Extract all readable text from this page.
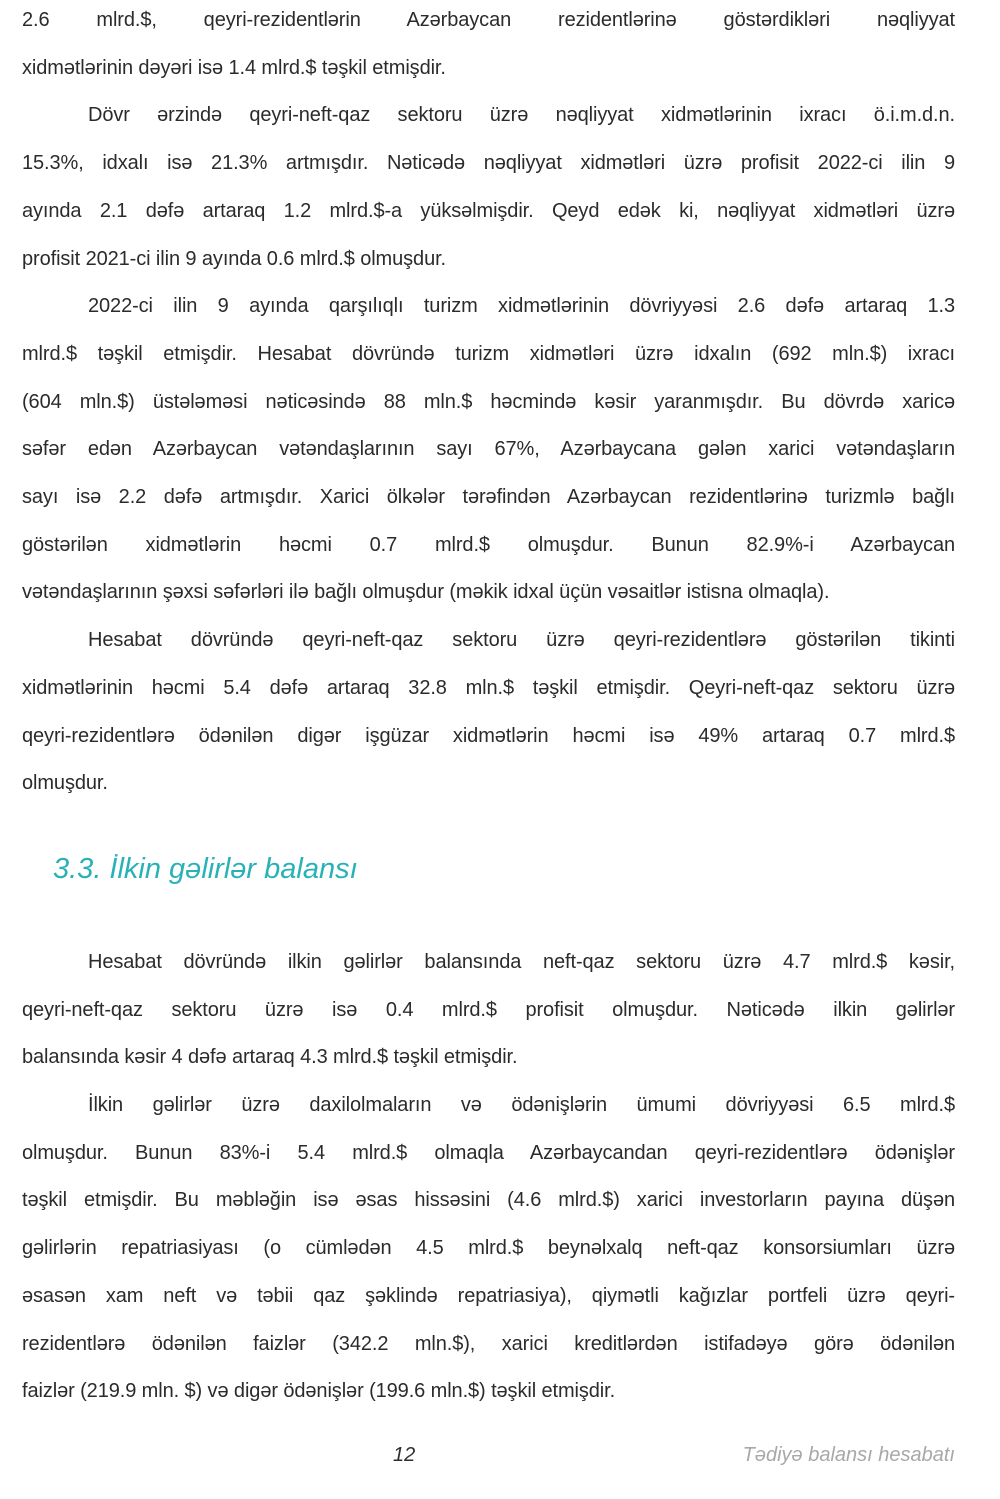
2.6 mlrd.$, qeyri-rezidentlərin Azərbaycan rezidentlərinə göstərdikləri nəqliyyat
xidmətlərinin dəyəri isə 1.4 mlrd.$ təşkil etmişdir.
Dövr ərzində qeyri-neft-qaz sektoru üzrə nəqliyyat xidmətlərinin ixracı ö.i.m.d.n.
15.3%, idxalı isə 21.3% artmışdır. Nəticədə nəqliyyat xidmətləri üzrə profisit 2022-ci ilin 9
ayında 2.1 dəfə artaraq 1.2 mlrd.$-a yüksəlmişdir. Qeyd edək ki, nəqliyyat xidmətləri üzrə
profisit 2021-ci ilin 9 ayında 0.6 mlrd.$ olmuşdur.
2022-ci ilin 9 ayında qarşılıqlı turizm xidmətlərinin dövriyyəsi 2.6 dəfə artaraq 1.3
mlrd.$ təşkil etmişdir. Hesabat dövründə turizm xidmətləri üzrə idxalın (692 mln.$) ixracı
(604 mln.$) üstələməsi nəticəsində 88 mln.$ həcmində kəsir yaranmışdır. Bu dövrdə xaricə
səfər edən Azərbaycan vətəndaşlarının sayı 67%, Azərbaycana gələn xarici vətəndaşların
sayı isə 2.2 dəfə artmışdır. Xarici ölkələr tərəfindən Azərbaycan rezidentlərinə turizmlə bağlı
göstərilən xidmətlərin həcmi 0.7 mlrd.$ olmuşdur. Bunun 82.9%-i Azərbaycan
vətəndaşlarının şəxsi səfərləri ilə bağlı olmuşdur (məkik idxal üçün vəsaitlər istisna olmaqla).
Hesabat dövründə qeyri-neft-qaz sektoru üzrə qeyri-rezidentlərə göstərilən tikinti
xidmətlərinin həcmi 5.4 dəfə artaraq 32.8 mln.$ təşkil etmişdir. Qeyri-neft-qaz sektoru üzrə
qeyri-rezidentlərə ödənilən digər işgüzar xidmətlərin həcmi isə 49% artaraq 0.7 mlrd.$
olmuşdur.
3.3. İlkin gəlirlər balansı
Hesabat dövründə ilkin gəlirlər balansında neft-qaz sektoru üzrə 4.7 mlrd.$ kəsir,
qeyri-neft-qaz sektoru üzrə isə 0.4 mlrd.$ profisit olmuşdur. Nəticədə ilkin gəlirlər
balansında kəsir 4 dəfə artaraq 4.3 mlrd.$ təşkil etmişdir.
İlkin gəlirlər üzrə daxilolmaların və ödənişlərin ümumi dövriyyəsi 6.5 mlrd.$
olmuşdur. Bunun 83%-i 5.4 mlrd.$ olmaqla Azərbaycandan qeyri-rezidentlərə ödənişlər
təşkil etmişdir. Bu məbləğin isə əsas hissəsini (4.6 mlrd.$) xarici investorların payına düşən
gəlirlərin repatriasiyası (o cümlədən 4.5 mlrd.$ beynəlxalq neft-qaz konsorsiumları üzrə
əsasən xam neft və təbii qaz şəklində repatriasiya), qiymətli kağızlar portfeli üzrə qeyri-
rezidentlərə ödənilən faizlər (342.2 mln.$), xarici kreditlərdən istifadəyə görə ödənilən
faizlər (219.9 mln. $) və digər ödənişlər (199.6 mln.$) təşkil etmişdir.
12	Tədiyə balansı hesabatı
